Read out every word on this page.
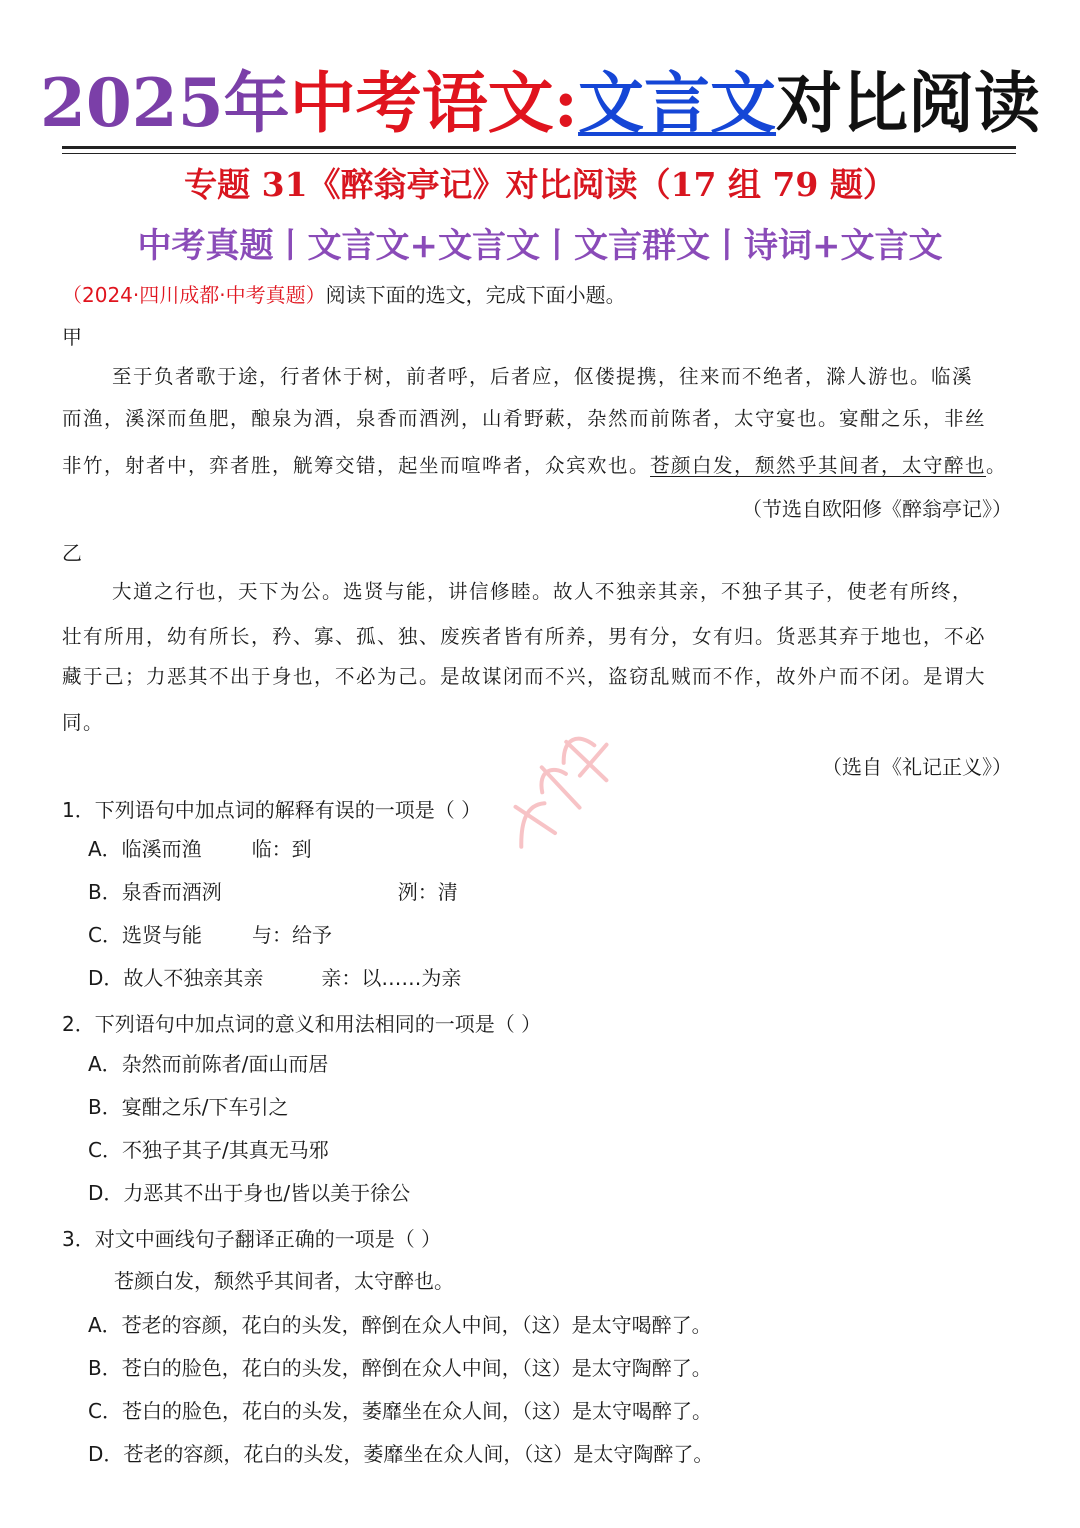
2025年中考语文:文言文对比阅读
专题 31《醉翁亭记》对比阅读（17 组 79 题）
中考真题丨文言文+文言文丨文言群文丨诗词+文言文
（2024·四川成都·中考真题）阅读下面的选文，完成下面小题。
甲
至于负者歌于途，行者休于树，前者呼，后者应，伛偻提携，往来而不绝者，滁人游也。临溪
而渔，溪深而鱼肥，酿泉为酒，泉香而酒洌，山肴野蔌，杂然而前陈者，太守宴也。宴酣之乐，非丝
非竹，射者中，弈者胜，觥筹交错，起坐而喧哗者，众宾欢也。苍颜白发，颓然乎其间者，太守醉也。
（节选自欧阳修《醉翁亭记》）
乙
大道之行也，天下为公。选贤与能，讲信修睦。故人不独亲其亲，不独子其子，使老有所终，
壮有所用，幼有所长，矜、寡、孤、独、废疾者皆有所养，男有分，女有归。货恶其弃于地也，不必
藏于己；力恶其不出于身也，不必为己。是故谋闭而不兴，盗窃乱贼而不作，故外户而不闭。是谓大
同。
（选自《礼记正义》）
1．下列语句中加点词的解释有误的一项是（ ）
A．临溪而渔	临：到
B．泉香而酒洌	洌：清
C．选贤与能	与：给予
D．故人不独亲其亲	亲：以……为亲
2．下列语句中加点词的意义和用法相同的一项是（ ）
A．杂然而前陈者/面山而居
B．宴酣之乐/下车引之
C．不独子其子/其真无马邪
D．力恶其不出于身也/皆以美于徐公
3．对文中画线句子翻译正确的一项是（ ）
苍颜白发，颓然乎其间者，太守醉也。
A．苍老的容颜，花白的头发，醉倒在众人中间，（这）是太守喝醉了。
B．苍白的脸色，花白的头发，醉倒在众人中间，（这）是太守陶醉了。
C．苍白的脸色，花白的头发，萎靡坐在众人间，（这）是太守喝醉了。
D．苍老的容颜，花白的头发，萎靡坐在众人间，（这）是太守陶醉了。
